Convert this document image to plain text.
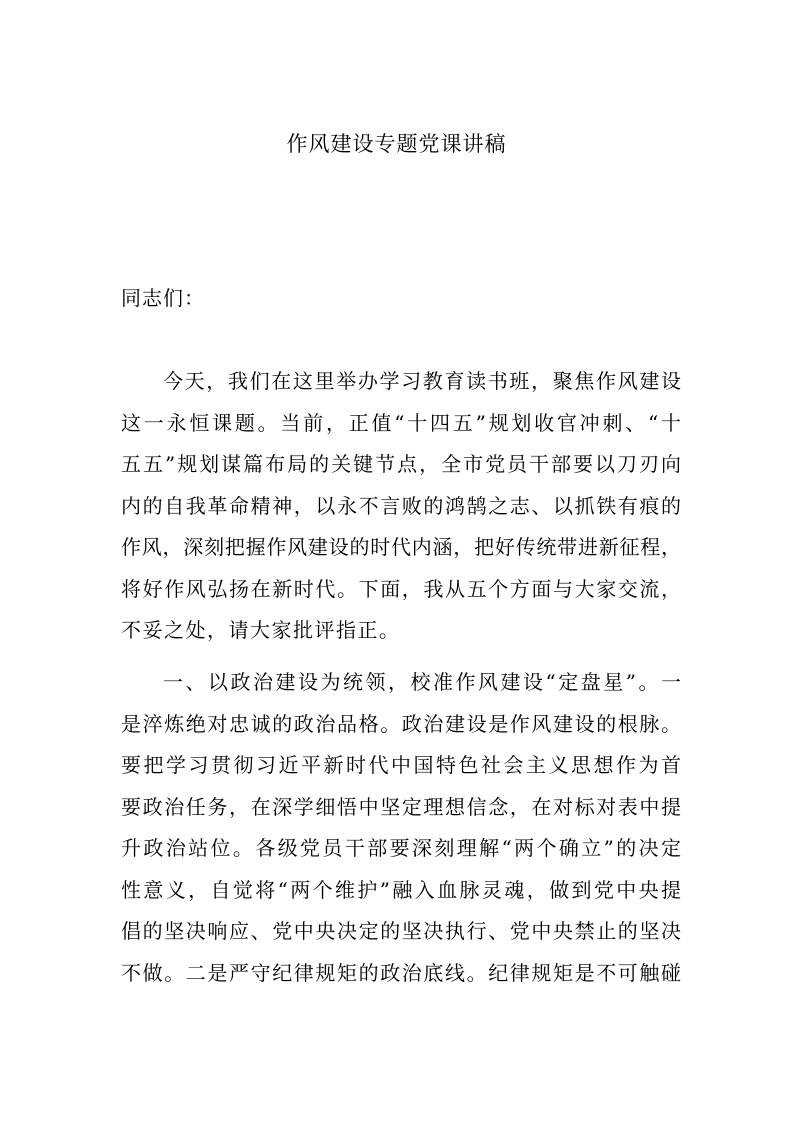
作风建设专题党课讲稿
同志们：
今天，我们在这里举办学习教育读书班，聚焦作风建设
这一永恒课题。当前，正值“十四五”规划收官冲刺、“十
五五”规划谋篇布局的关键节点，全市党员干部要以刀刃向
内的自我革命精神，以永不言败的鸿鹄之志、以抓铁有痕的
作风，深刻把握作风建设的时代内涵，把好传统带进新征程，
将好作风弘扬在新时代。下面，我从五个方面与大家交流，
不妥之处，请大家批评指正。
一、以政治建设为统领，校准作风建设“定盘星”。一
是淬炼绝对忠诚的政治品格。政治建设是作风建设的根脉。
要把学习贯彻习近平新时代中国特色社会主义思想作为首
要政治任务，在深学细悟中坚定理想信念，在对标对表中提
升政治站位。各级党员干部要深刻理解“两个确立”的决定
性意义，自觉将“两个维护”融入血脉灵魂，做到党中央提
倡的坚决响应、党中央决定的坚决执行、党中央禁止的坚决
不做。二是严守纪律规矩的政治底线。纪律规矩是不可触碰
